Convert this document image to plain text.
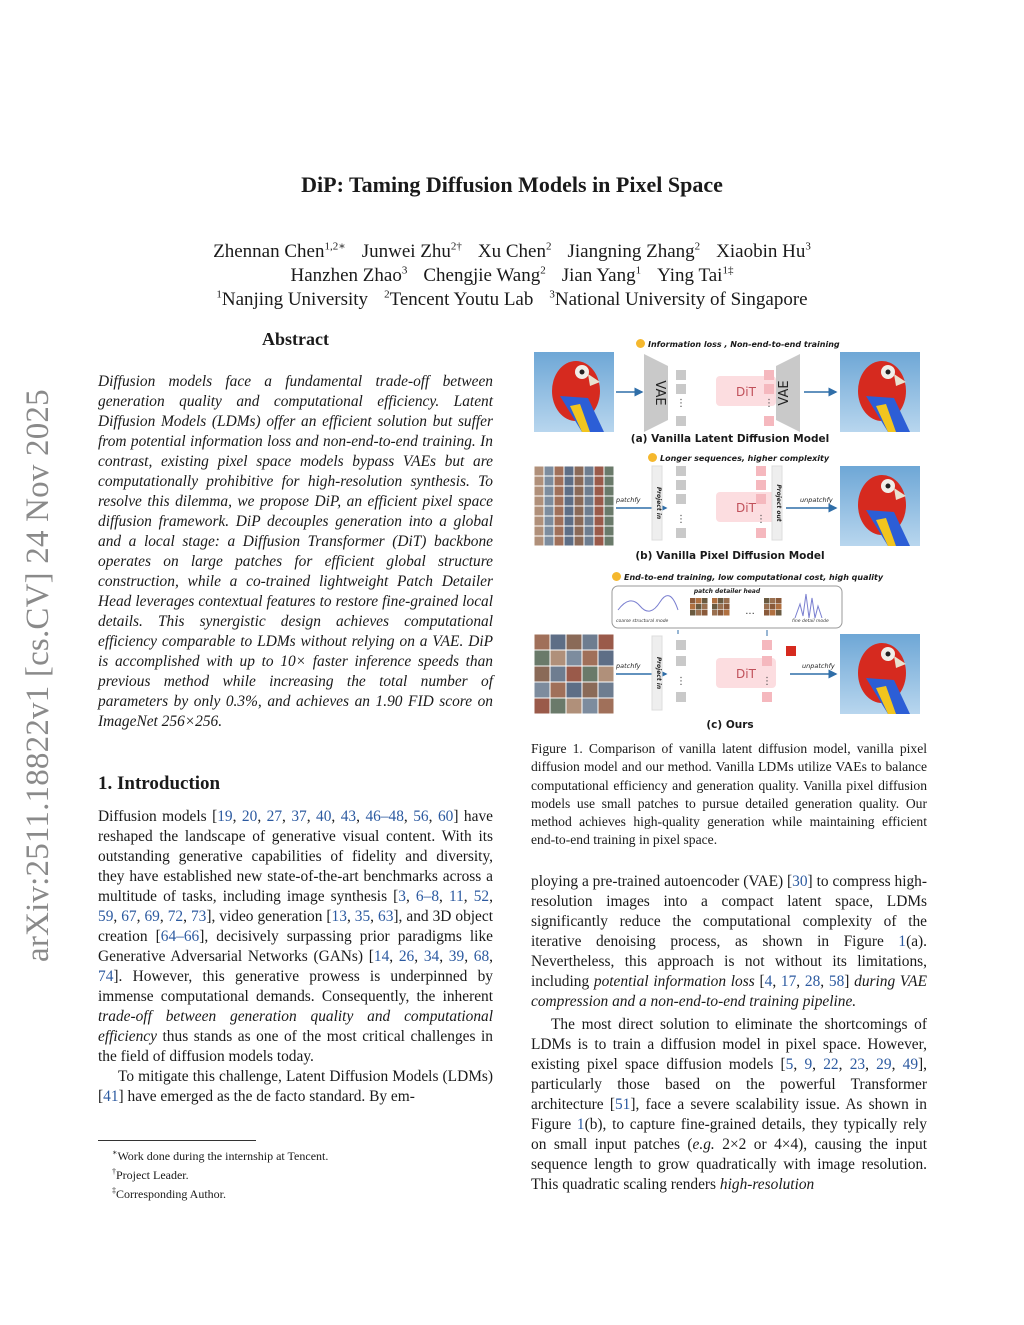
arXiv:2511.18822v1 [cs.CV] 24 Nov 2025
DiP: Taming Diffusion Models in Pixel Space
Zhennan Chen$^{1,2∗}$ Junwei Zhu$^{2\dagger}$ Xu Chen$^2$ Jiangning Zhang$^2$ Xiaobin Hu$^3$
Hanzhen Zhao$^3$ Chengjie Wang$^2$ Jian Yang$^1$ Ying Tai$^{1\ddagger}$
$^1$Nanjing University $^2$Tencent Youtu Lab $^3$National University of Singapore
Abstract
Diffusion models face a fundamental trade-off between generation quality and computational efficiency. Latent Diffusion Models (LDMs) offer an efficient solution but suffer from potential information loss and non-end-to-end training. In contrast, existing pixel space models bypass VAEs but are computationally prohibitive for high-resolution synthesis. To resolve this dilemma, we propose DiP, an efficient pixel space diffusion framework. DiP decouples generation into a global and a local stage: a Diffusion Transformer (DiT) backbone operates on large patches for efficient global structure construction, while a co-trained lightweight Patch Detailer Head leverages contextual features to restore fine-grained local details. This synergistic design achieves computational efficiency comparable to LDMs without relying on a VAE. DiP is accomplished with up to 10× faster inference speeds than previous method while increasing the total number of parameters by only 0.3%, and achieves an 1.90 FID score on ImageNet 256×256.
1. Introduction

Diffusion models [19, 20, 27, 37, 40, 43, 46–48, 56, 60] have reshaped the landscape of generative visual content. With its outstanding generative capabilities of fidelity and diversity, they have established new state-of-the-art benchmarks across a multitude of tasks, including image synthesis [3, 6–8, 11, 52, 59, 67, 69, 72, 73], video generation [13, 35, 63], and 3D object creation [64–66], decisively surpassing prior paradigms like Generative Adversarial Networks (GANs) [14, 26, 34, 39, 68, 74]. However, this generative prowess is underpinned by immense computational demands. Consequently, the inherent trade-off between generation quality and computational efficiency thus stands as one of the most critical challenges in the field of diffusion models today.

To mitigate this challenge, Latent Diffusion Models (LDMs) [41] have emerged as the de facto standard. By em-

∗Work done during the internship at Tencent.
†Project Leader.
‡Corresponding Author.
VAE ⋮
DiT
⋮ VAE
patchfy Project in
⋮
DiT
⋮ Project out	unpatchfy
patch detailer head
coarse structural mode
...
fine detail mode
patchfy Project in ⋮
DiT
⋮
unpatchfy
Information loss , Non-end-to-end training
(a) Vanilla Latent Diffusion Model
Longer sequences, higher complexity
(b) Vanilla Pixel Diffusion Model
End-to-end training, low computational cost, high quality
(c) Ours
Figure 1. Comparison of vanilla latent diffusion model, vanilla pixel diffusion model and our method. Vanilla LDMs utilize VAEs to balance computational efficiency and generation quality. Vanilla pixel diffusion models use small patches to pursue detailed generation quality. Our method achieves high-quality generation while maintaining efficient end-to-end training in pixel space.

ploying a pre-trained autoencoder (VAE) [30] to compress high-resolution images into a compact latent space, LDMs significantly reduce the computational complexity of the iterative denoising process, as shown in Figure 1(a). Nevertheless, this approach is not without its limitations, including potential information loss [4, 17, 28, 58] during VAE compression and a non-end-to-end training pipeline.

The most direct solution to eliminate the shortcomings of LDMs is to train a diffusion model in pixel space. However, existing pixel space diffusion models [5, 9, 22, 23, 29, 49], particularly those based on the powerful Transformer architecture [51], face a severe scalability issue. As shown in Figure 1(b), to capture fine-grained details, they typically rely on small input patches (e.g. 2×2 or 4×4), causing the input sequence length to grow quadratically with image resolution. This quadratic scaling renders high-resolution
